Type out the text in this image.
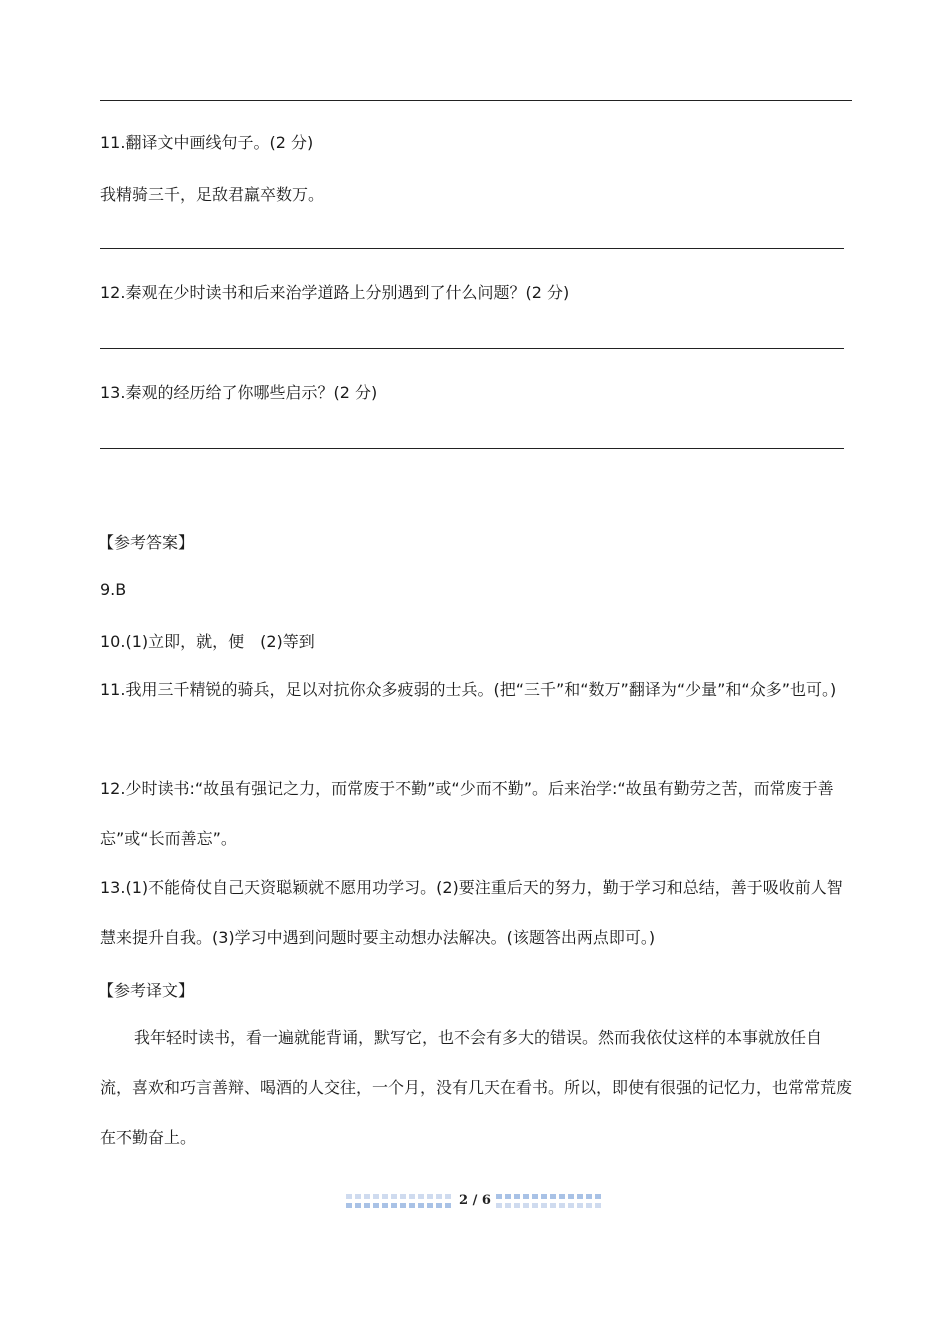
11.翻译文中画线句子。(2 分)
我精骑三千，足敌君羸卒数万。
12.秦观在少时读书和后来治学道路上分别遇到了什么问题？(2 分)
13.秦观的经历给了你哪些启示？(2 分)
【参考答案】
9.B
10.(1)立即，就，便　(2)等到
11.我用三千精锐的骑兵，足以对抗你众多疲弱的士兵。(把“三千”和“数万”翻译为“少量”和“众多”也可。)
12.少时读书:“故虽有强记之力，而常废于不勤”或“少而不勤”。后来治学:“故虽有勤劳之苦，而常废于善忘”或“长而善忘”。
13.(1)不能倚仗自己天资聪颖就不愿用功学习。(2)要注重后天的努力，勤于学习和总结，善于吸收前人智慧来提升自我。(3)学习中遇到问题时要主动想办法解决。(该题答出两点即可。)
【参考译文】
我年轻时读书，看一遍就能背诵，默写它，也不会有多大的错误。然而我依仗这样的本事就放任自流，喜欢和巧言善辩、喝酒的人交往，一个月，没有几天在看书。所以，即使有很强的记忆力，也常常荒废在不勤奋上。
2 / 6
